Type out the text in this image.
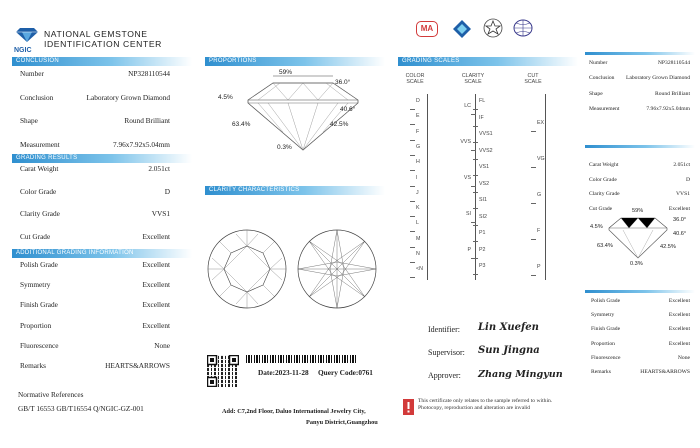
NGIC
NATIONAL GEMSTONE
IDENTIFICATION CENTER
CONCLUSION
Number	NP328110544
Conclusion	Laboratory Grown Diamond
Shape	Round Brilliant
Measurement	7.96x7.92x5.04mm
GRADING RESULTS
Carat Weight	2.051ct
Color Grade	D
Clarity Grade	VVS1
Cut Grade	Excellent
ADDITIONAL GRADING INFORMATION
Polish Grade	Excellent
Symmetry	Excellent
Finish Grade	Excellent
Proportion	Excellent
Fluorescence	None
Remarks	HEARTS&ARROWS
Normative References
GB/T 16553 GB/T16554 Q/NGIC-GZ-001
PROPORTIONS
59%
36.0°
4.5%
40.6°
63.4%	42.5%
0.3%
CLARITY CHARACTERISTICS
Date:2023-11-28 Query Code:0761
Add: C7,2nd Floor, Daluo International Jewelry City,
Panyu District,Guangzhou
MA
GRADING SCALES
COLOR SCALE
CLARITY SCALE
CUT SCALE
D
E
F
G
H
I
J
K
L
M
N
<N
LC
VVS
VS
SI
P
FL
IF
VVS1
VVS2
VS1
VS2
SI1
SI2
P1
P2
P3
EX
VG
G
F
P
Identifier: Lin Xuefen
Supervisor: Sun Jingna
Approver: Zhang Mingyun
This certificate only relates to the sample referred to within. Photocopy, reproduction and alteration are invalid
Number	NP328110544
Conclusion Laboratory Grown Diamond
Shape	Round Brilliant
Measurement	7.96x7.92x5.04mm
Carat Weight	2.051ct
Color Grade	D
Clarity Grade	VVS1
Cut Grade	Excellent
59%
4.5%
36.0°
40.6°
63.4%	42.5%
0.3%
Polish Grade	Excellent
Symmetry	Excellent
Finish Grade	Excellent
Proportion	Excellent
Fluorescence	None
Remarks	HEARTS&ARROWS
